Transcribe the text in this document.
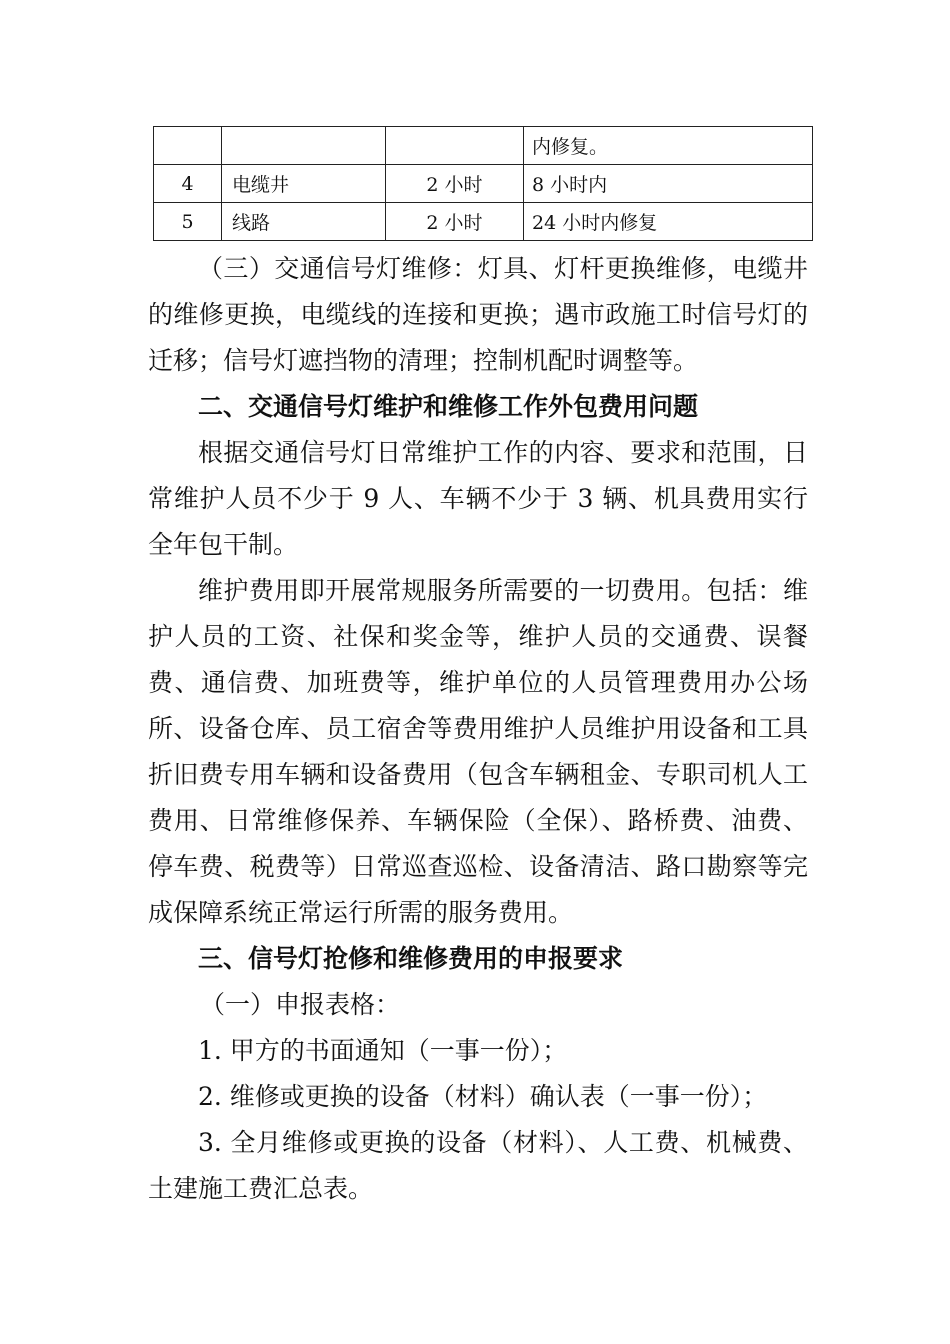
			内修复。
4	电缆井	2 小时	8 小时内
5	线路	2 小时	24 小时内修复

（三）交通信号灯维修：灯具、灯杆更换维修，电缆井的维修更换，电缆线的连接和更换；遇市政施工时信号灯的迁移；信号灯遮挡物的清理；控制机配时调整等。

二、交通信号灯维护和维修工作外包费用问题

根据交通信号灯日常维护工作的内容、要求和范围，日常维护人员不少于 9 人、车辆不少于 3 辆、机具费用实行全年包干制。

维护费用即开展常规服务所需要的一切费用。包括：维护人员的工资、社保和奖金等，维护人员的交通费、误餐费、通信费、加班费等，维护单位的人员管理费用办公场所、设备仓库、员工宿舍等费用维护人员维护用设备和工具折旧费专用车辆和设备费用（包含车辆租金、专职司机人工费用、日常维修保养、车辆保险（全保）、路桥费、油费、停车费、税费等）日常巡查巡检、设备清洁、路口勘察等完成保障系统正常运行所需的服务费用。

三、信号灯抢修和维修费用的申报要求

（一）申报表格：

1. 甲方的书面通知（一事一份）；

2. 维修或更换的设备（材料）确认表（一事一份）；

3. 全月维修或更换的设备（材料）、人工费、机械费、土建施工费汇总表。
